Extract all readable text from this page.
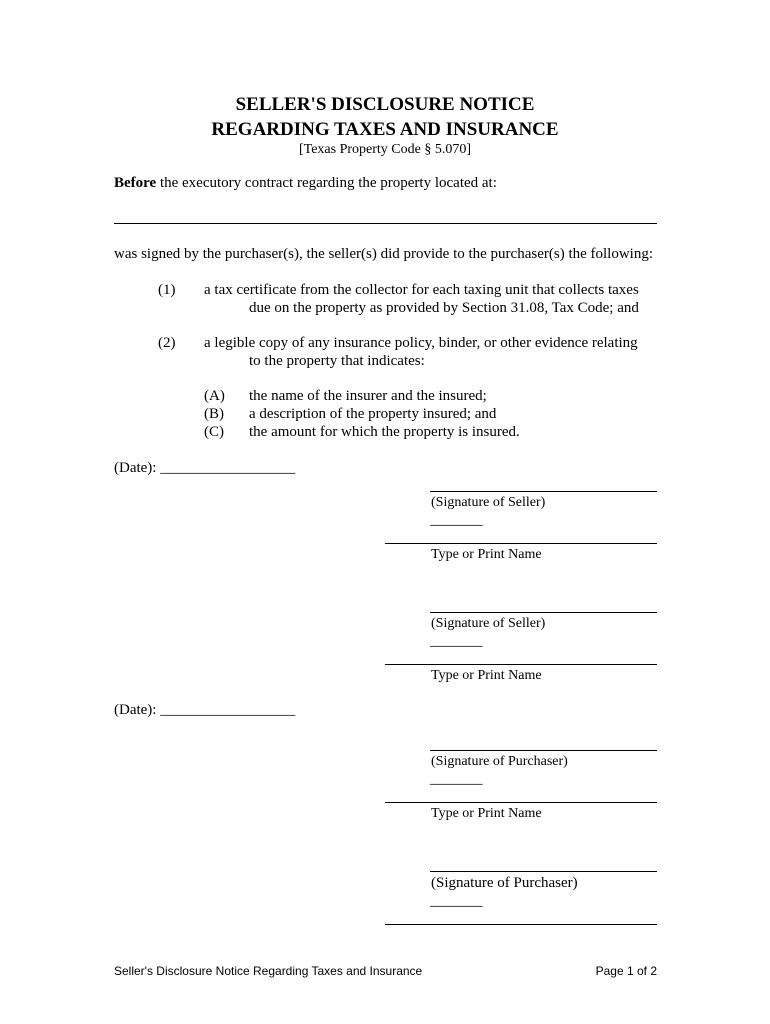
SELLER'S DISCLOSURE NOTICE
REGARDING TAXES AND INSURANCE
[Texas Property Code § 5.070]
Before the executory contract regarding the property located at:
was signed by the purchaser(s), the seller(s) did provide to the purchaser(s) the following:
(1) a tax certificate from the collector for each taxing unit that collects taxes
due on the property as provided by Section 31.08, Tax Code; and
(2) a legible copy of any insurance policy, binder, or other evidence relating
to the property that indicates:
(A) the name of the insurer and the insured;
(B) a description of the property insured; and
(C) the amount for which the property is insured.
(Date): __________________
(Signature of Seller)
_______
Type or Print Name
(Signature of Seller)
_______
Type or Print Name
(Date): __________________
(Signature of Purchaser)
_______
Type or Print Name
(Signature of Purchaser)
_______
Seller's Disclosure Notice Regarding Taxes and Insurance	Page 1 of 2
